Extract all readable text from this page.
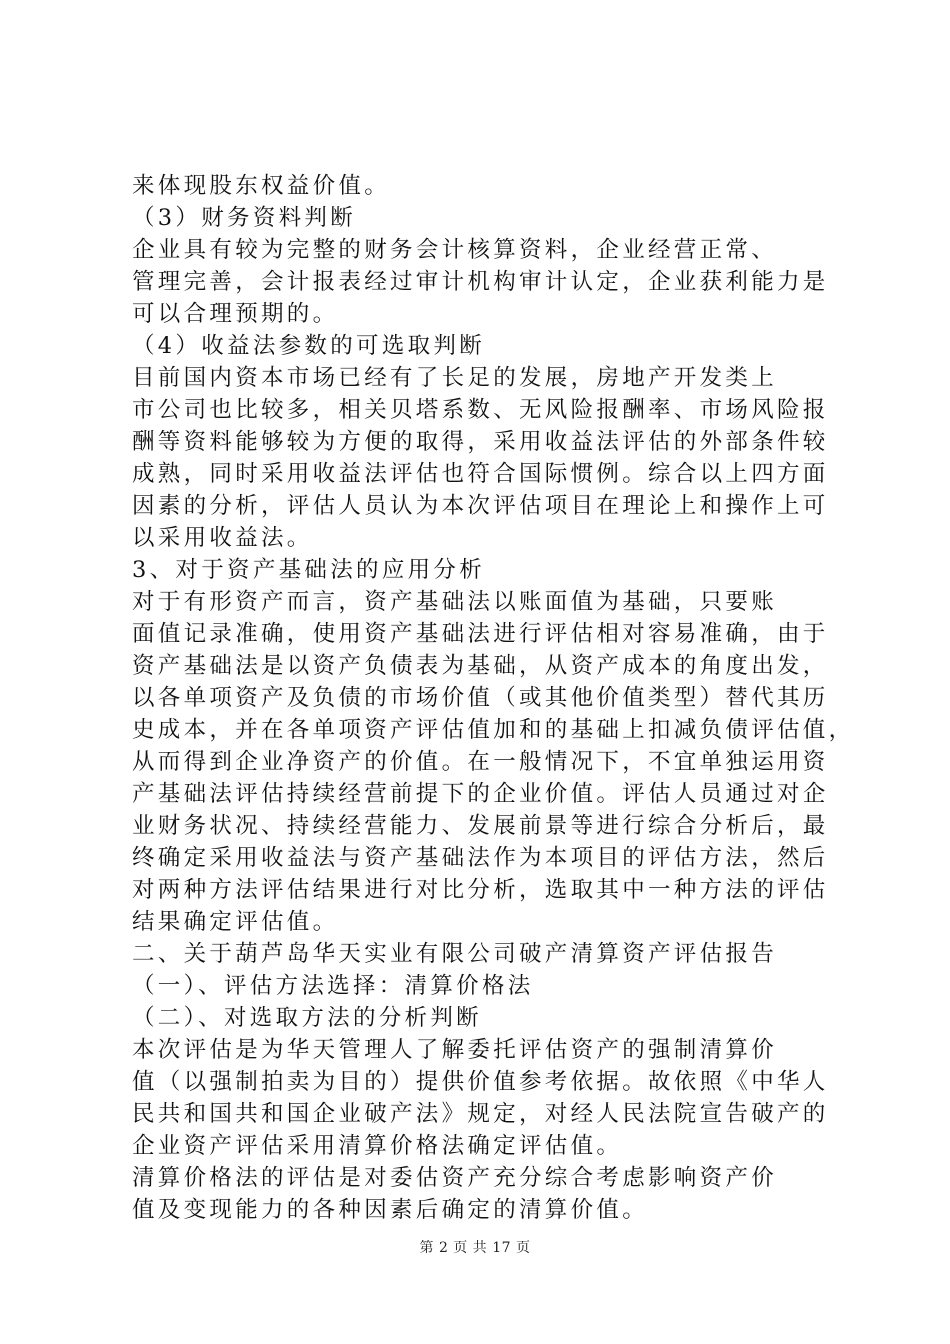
来体现股东权益价值。
（3）财务资料判断
企业具有较为完整的财务会计核算资料，企业经营正常、
管理完善，会计报表经过审计机构审计认定，企业获利能力是
可以合理预期的。
（4）收益法参数的可选取判断
目前国内资本市场已经有了长足的发展，房地产开发类上
市公司也比较多，相关贝塔系数、无风险报酬率、市场风险报
酬等资料能够较为方便的取得，采用收益法评估的外部条件较
成熟，同时采用收益法评估也符合国际惯例。综合以上四方面
因素的分析，评估人员认为本次评估项目在理论上和操作上可
以采用收益法。
3、对于资产基础法的应用分析
对于有形资产而言，资产基础法以账面值为基础，只要账
面值记录准确，使用资产基础法进行评估相对容易准确，由于
资产基础法是以资产负债表为基础，从资产成本的角度出发，
以各单项资产及负债的市场价值（或其他价值类型）替代其历
史成本，并在各单项资产评估值加和的基础上扣减负债评估值，
从而得到企业净资产的价值。在一般情况下，不宜单独运用资
产基础法评估持续经营前提下的企业价值。评估人员通过对企
业财务状况、持续经营能力、发展前景等进行综合分析后，最
终确定采用收益法与资产基础法作为本项目的评估方法，然后
对两种方法评估结果进行对比分析，选取其中一种方法的评估
结果确定评估值。
二、关于葫芦岛华天实业有限公司破产清算资产评估报告
（一）、评估方法选择：清算价格法
（二）、对选取方法的分析判断
本次评估是为华天管理人了解委托评估资产的强制清算价
值（以强制拍卖为目的）提供价值参考依据。故依照《中华人
民共和国共和国企业破产法》规定，对经人民法院宣告破产的
企业资产评估采用清算价格法确定评估值。
清算价格法的评估是对委估资产充分综合考虑影响资产价
值及变现能力的各种因素后确定的清算价值。
第 2 页 共 17 页
